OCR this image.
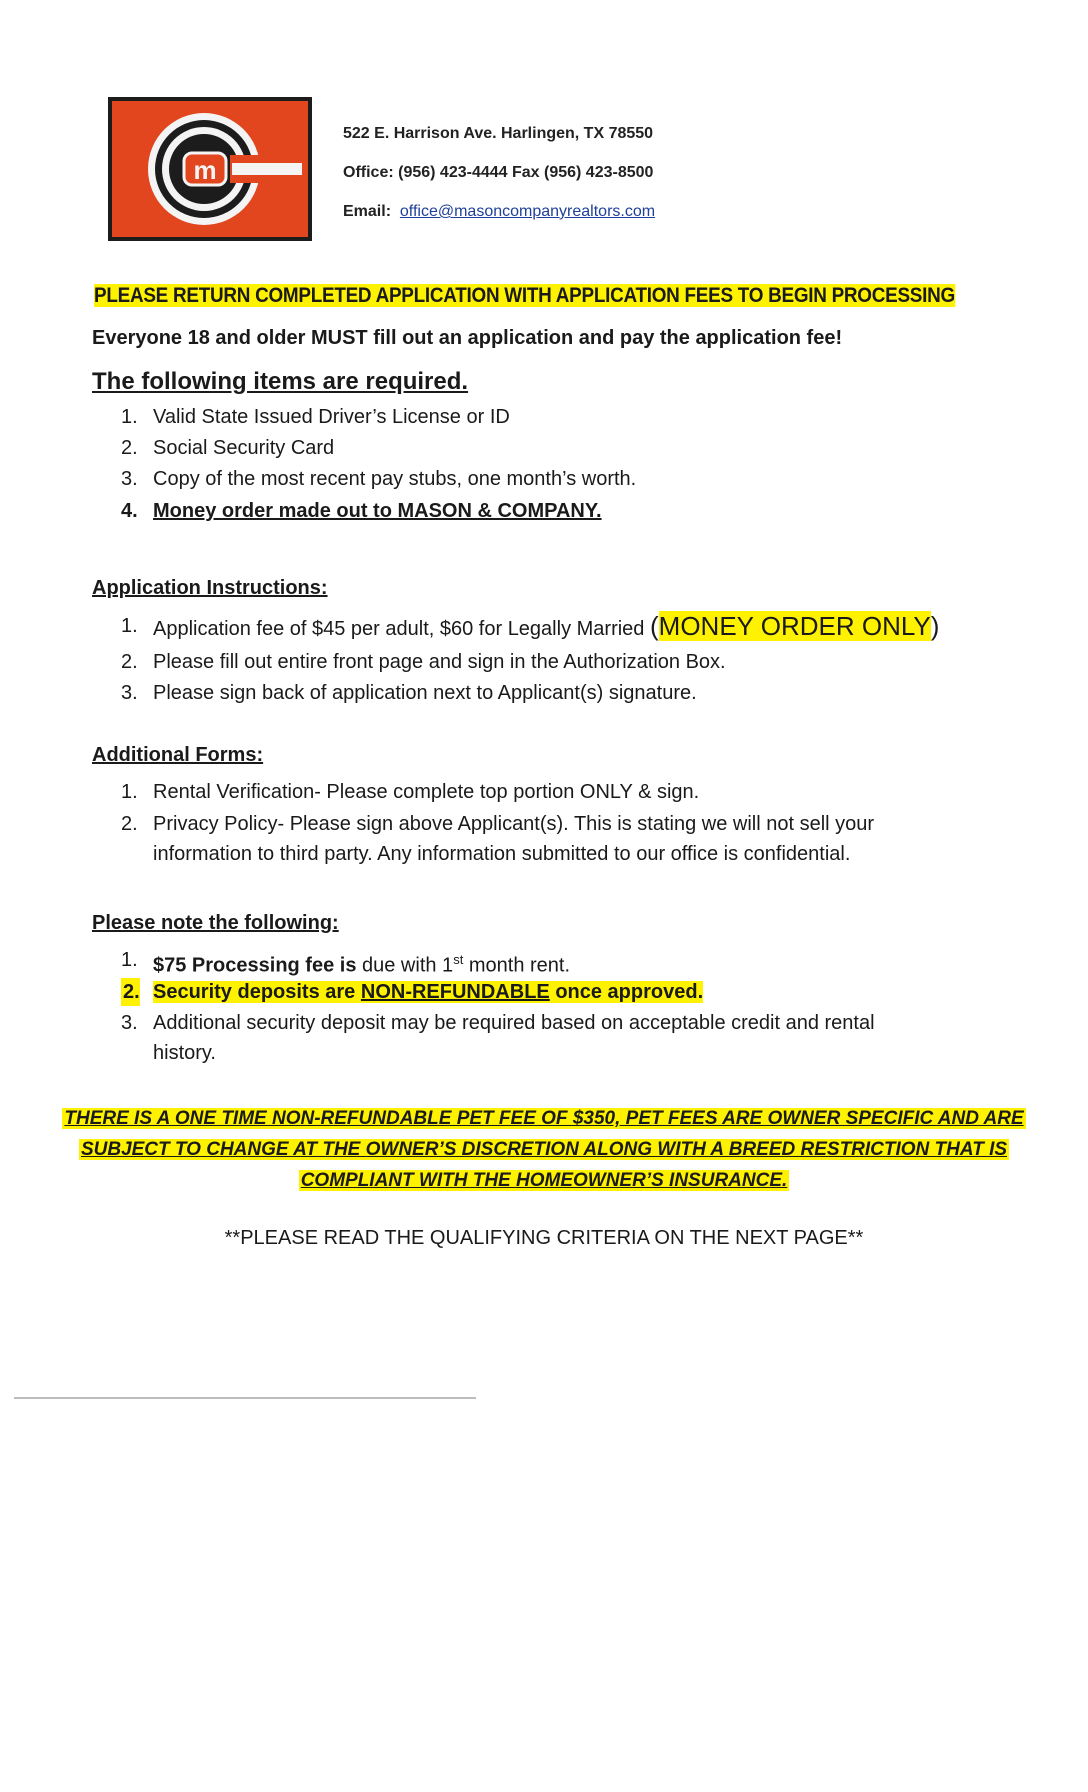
m
522 E. Harrison Ave. Harlingen, TX 78550
Office: (956) 423-4444 Fax (956) 423-8500
Email: office@masoncompanyrealtors.com
PLEASE RETURN COMPLETED APPLICATION WITH APPLICATION FEES TO BEGIN PROCESSING
Everyone 18 and older MUST fill out an application and pay the application fee!
The following items are required.
1. Valid State Issued Driver’s License or ID
2. Social Security Card
3. Copy of the most recent pay stubs, one month’s worth.
4. Money order made out to MASON & COMPANY.
Application Instructions:
1. Application fee of $45 per adult, $60 for Legally Married (MONEY ORDER ONLY)
2. Please fill out entire front page and sign in the Authorization Box.
3. Please sign back of application next to Applicant(s) signature.
Additional Forms:
1. Rental Verification- Please complete top portion ONLY & sign.
2. Privacy Policy- Please sign above Applicant(s). This is stating we will not sell your
information to third party. Any information submitted to our office is confidential.
Please note the following:
1. $75 Processing fee is due with 1st month rent.
2. Security deposits are NON-REFUNDABLE once approved.
3. Additional security deposit may be required based on acceptable credit and rental
history.
THERE IS A ONE TIME NON-REFUNDABLE PET FEE OF $350, PET FEES ARE OWNER SPECIFIC AND ARE
SUBJECT TO CHANGE AT THE OWNER’S DISCRETION ALONG WITH A BREED RESTRICTION THAT IS
COMPLIANT WITH THE HOMEOWNER’S INSURANCE.
**PLEASE READ THE QUALIFYING CRITERIA ON THE NEXT PAGE**
